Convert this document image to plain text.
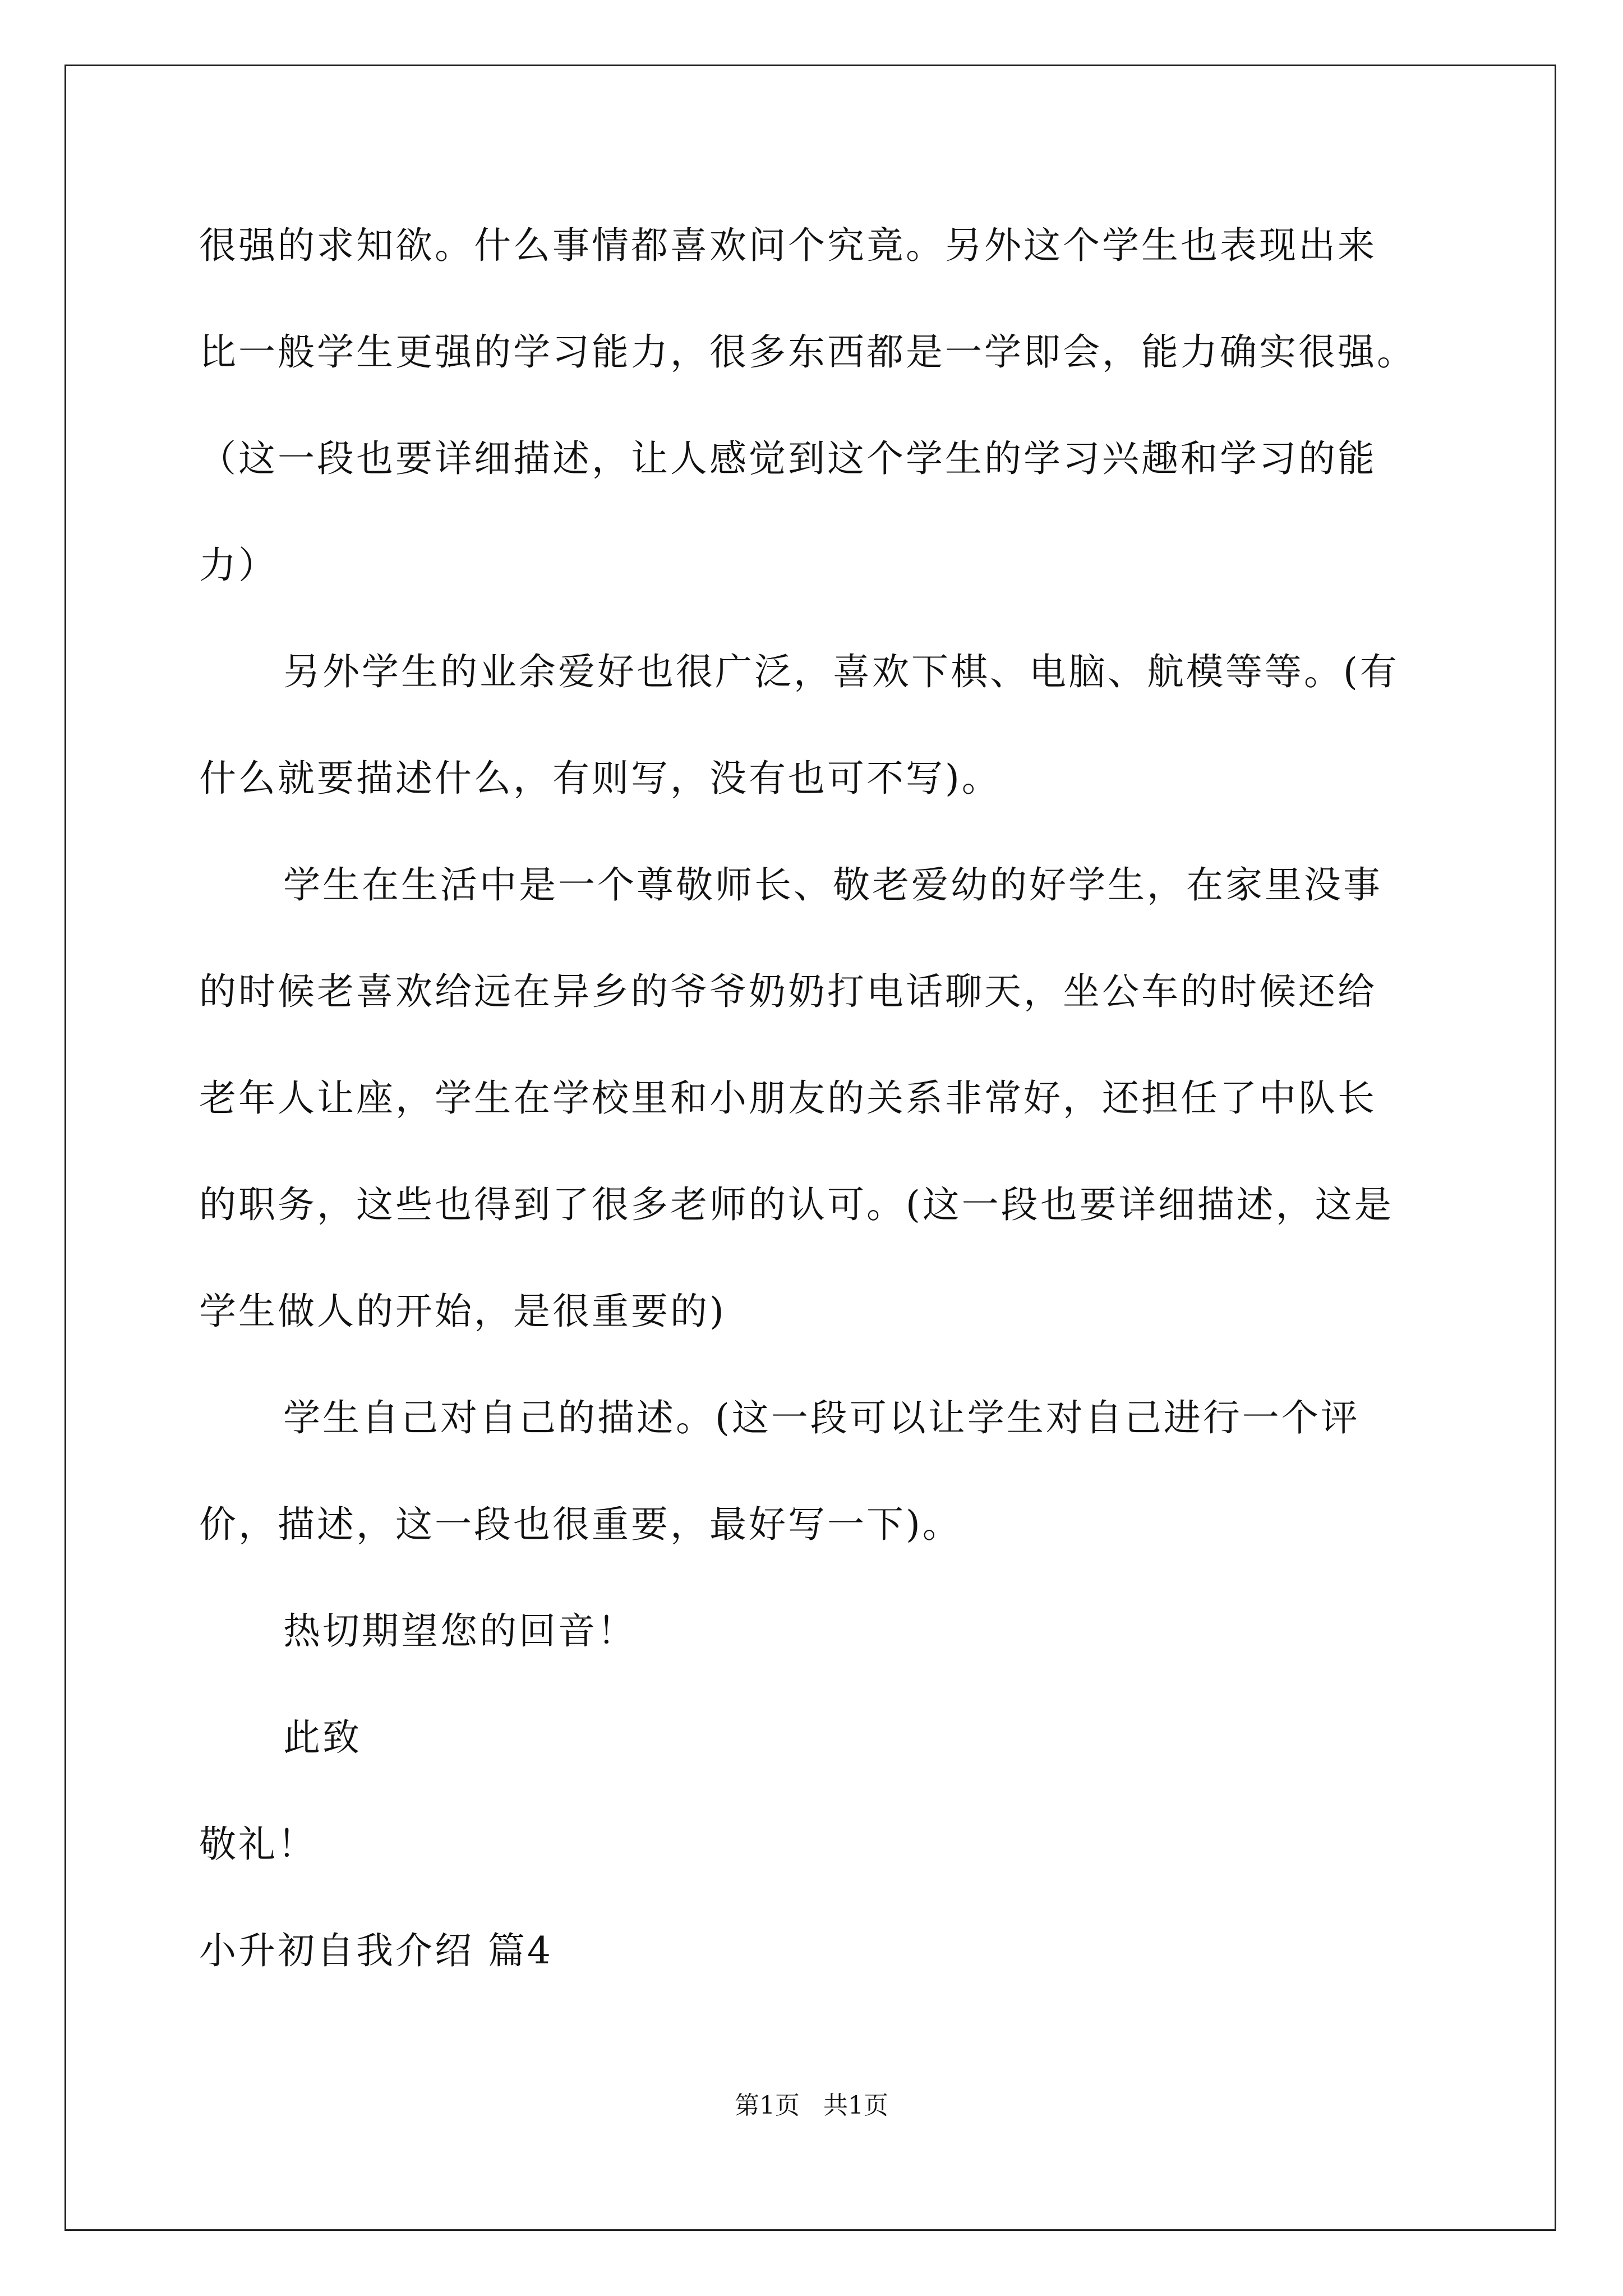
很强的求知欲。什么事情都喜欢问个究竟。另外这个学生也表现出来
比一般学生更强的学习能力，很多东西都是一学即会，能力确实很强。
（这一段也要详细描述，让人感觉到这个学生的学习兴趣和学习的能
力）
另外学生的业余爱好也很广泛，喜欢下棋、电脑、航模等等。(有
什么就要描述什么，有则写，没有也可不写)。
学生在生活中是一个尊敬师长、敬老爱幼的好学生，在家里没事
的时候老喜欢给远在异乡的爷爷奶奶打电话聊天，坐公车的时候还给
老年人让座，学生在学校里和小朋友的关系非常好，还担任了中队长
的职务，这些也得到了很多老师的认可。(这一段也要详细描述，这是
学生做人的开始，是很重要的)
学生自己对自己的描述。(这一段可以让学生对自己进行一个评
价，描述，这一段也很重要，最好写一下)。
热切期望您的回音！
此致
敬礼！
小升初自我介绍 篇4
第1页   共1页
